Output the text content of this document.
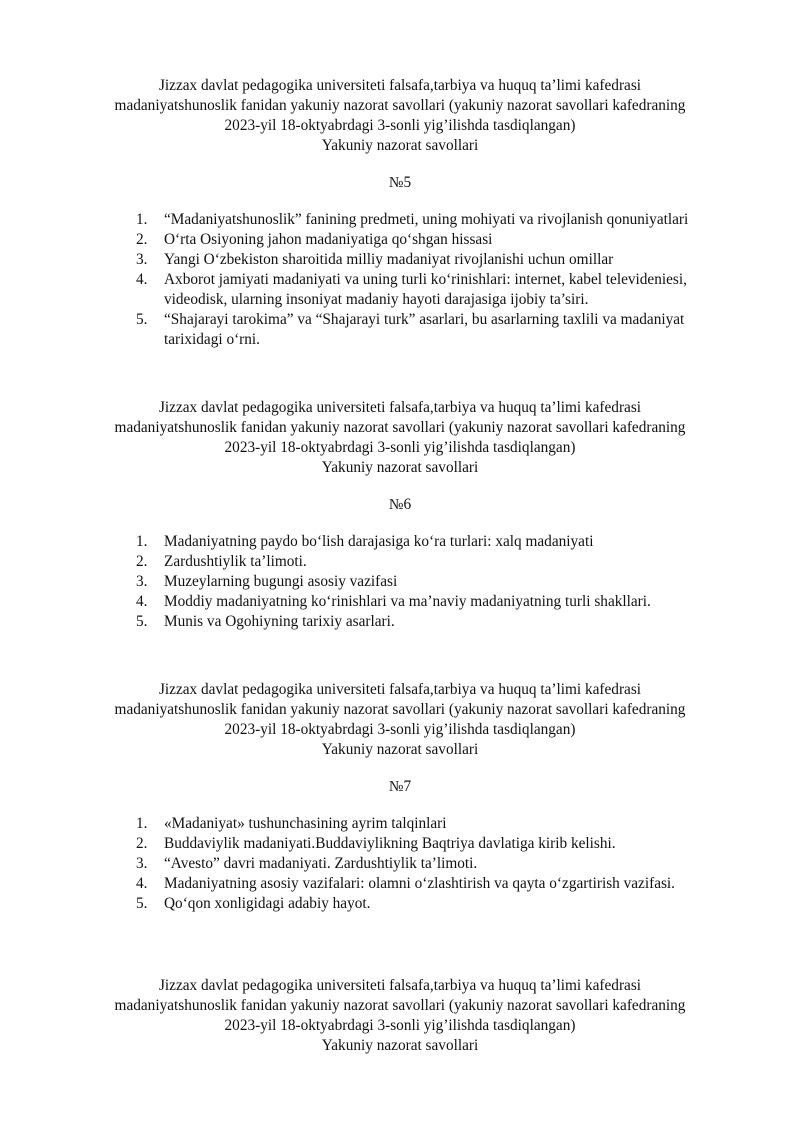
Jizzax davlat pedagogika universiteti falsafa,tarbiya va huquq ta’limi kafedrasi

madaniyatshunoslik fanidan yakuniy nazorat savollari (yakuniy nazorat savollari kafedraning

2023-yil 18-oktyabrdagi 3-sonli yig’ilishda tasdiqlangan)

Yakuniy nazorat savollari

№5

1. “Madaniyatshunoslik” fanining predmeti, uning mohiyati va rivojlanish qonuniyatlari
2. O‘rta Osiyoning jahon madaniyatiga qo‘shgan hissasi
3. Yangi O‘zbekiston sharoitida milliy madaniyat rivojlanishi uchun omillar
4. Axborot jamiyati madaniyati va uning turli ko‘rinishlari: internet, kabel televideniesi, videodisk, ularning insoniyat madaniy hayoti darajasiga ijobiy ta’siri.
5. “Shajarayi tarokima” va “Shajarayi turk” asarlari, bu asarlarning taxlili va madaniyat tarixidagi o‘rni.

Jizzax davlat pedagogika universiteti falsafa,tarbiya va huquq ta’limi kafedrasi

madaniyatshunoslik fanidan yakuniy nazorat savollari (yakuniy nazorat savollari kafedraning

2023-yil 18-oktyabrdagi 3-sonli yig’ilishda tasdiqlangan)

Yakuniy nazorat savollari

№6

1. Madaniyatning paydo bo‘lish darajasiga ko‘ra turlari: xalq madaniyati
2. Zardushtiylik ta’limoti.
3. Muzeylarning bugungi asosiy vazifasi
4. Moddiy madaniyatning ko‘rinishlari va ma’naviy madaniyatning turli shakllari.
5. Munis va Ogohiyning tarixiy asarlari.

Jizzax davlat pedagogika universiteti falsafa,tarbiya va huquq ta’limi kafedrasi

madaniyatshunoslik fanidan yakuniy nazorat savollari (yakuniy nazorat savollari kafedraning

2023-yil 18-oktyabrdagi 3-sonli yig’ilishda tasdiqlangan)

Yakuniy nazorat savollari

№7

1. «Madaniyat» tushunchasining ayrim talqinlari
2. Buddaviylik madaniyati.Buddaviylikning Baqtriya davlatiga kirib kelishi.
3. “Avesto” davri madaniyati. Zardushtiylik ta’limoti.
4. Madaniyatning asosiy vazifalari: olamni o‘zlashtirish va qayta o‘zgartirish vazifasi.
5. Qo‘qon xonligidagi adabiy hayot.

Jizzax davlat pedagogika universiteti falsafa,tarbiya va huquq ta’limi kafedrasi

madaniyatshunoslik fanidan yakuniy nazorat savollari (yakuniy nazorat savollari kafedraning

2023-yil 18-oktyabrdagi 3-sonli yig’ilishda tasdiqlangan)

Yakuniy nazorat savollari
